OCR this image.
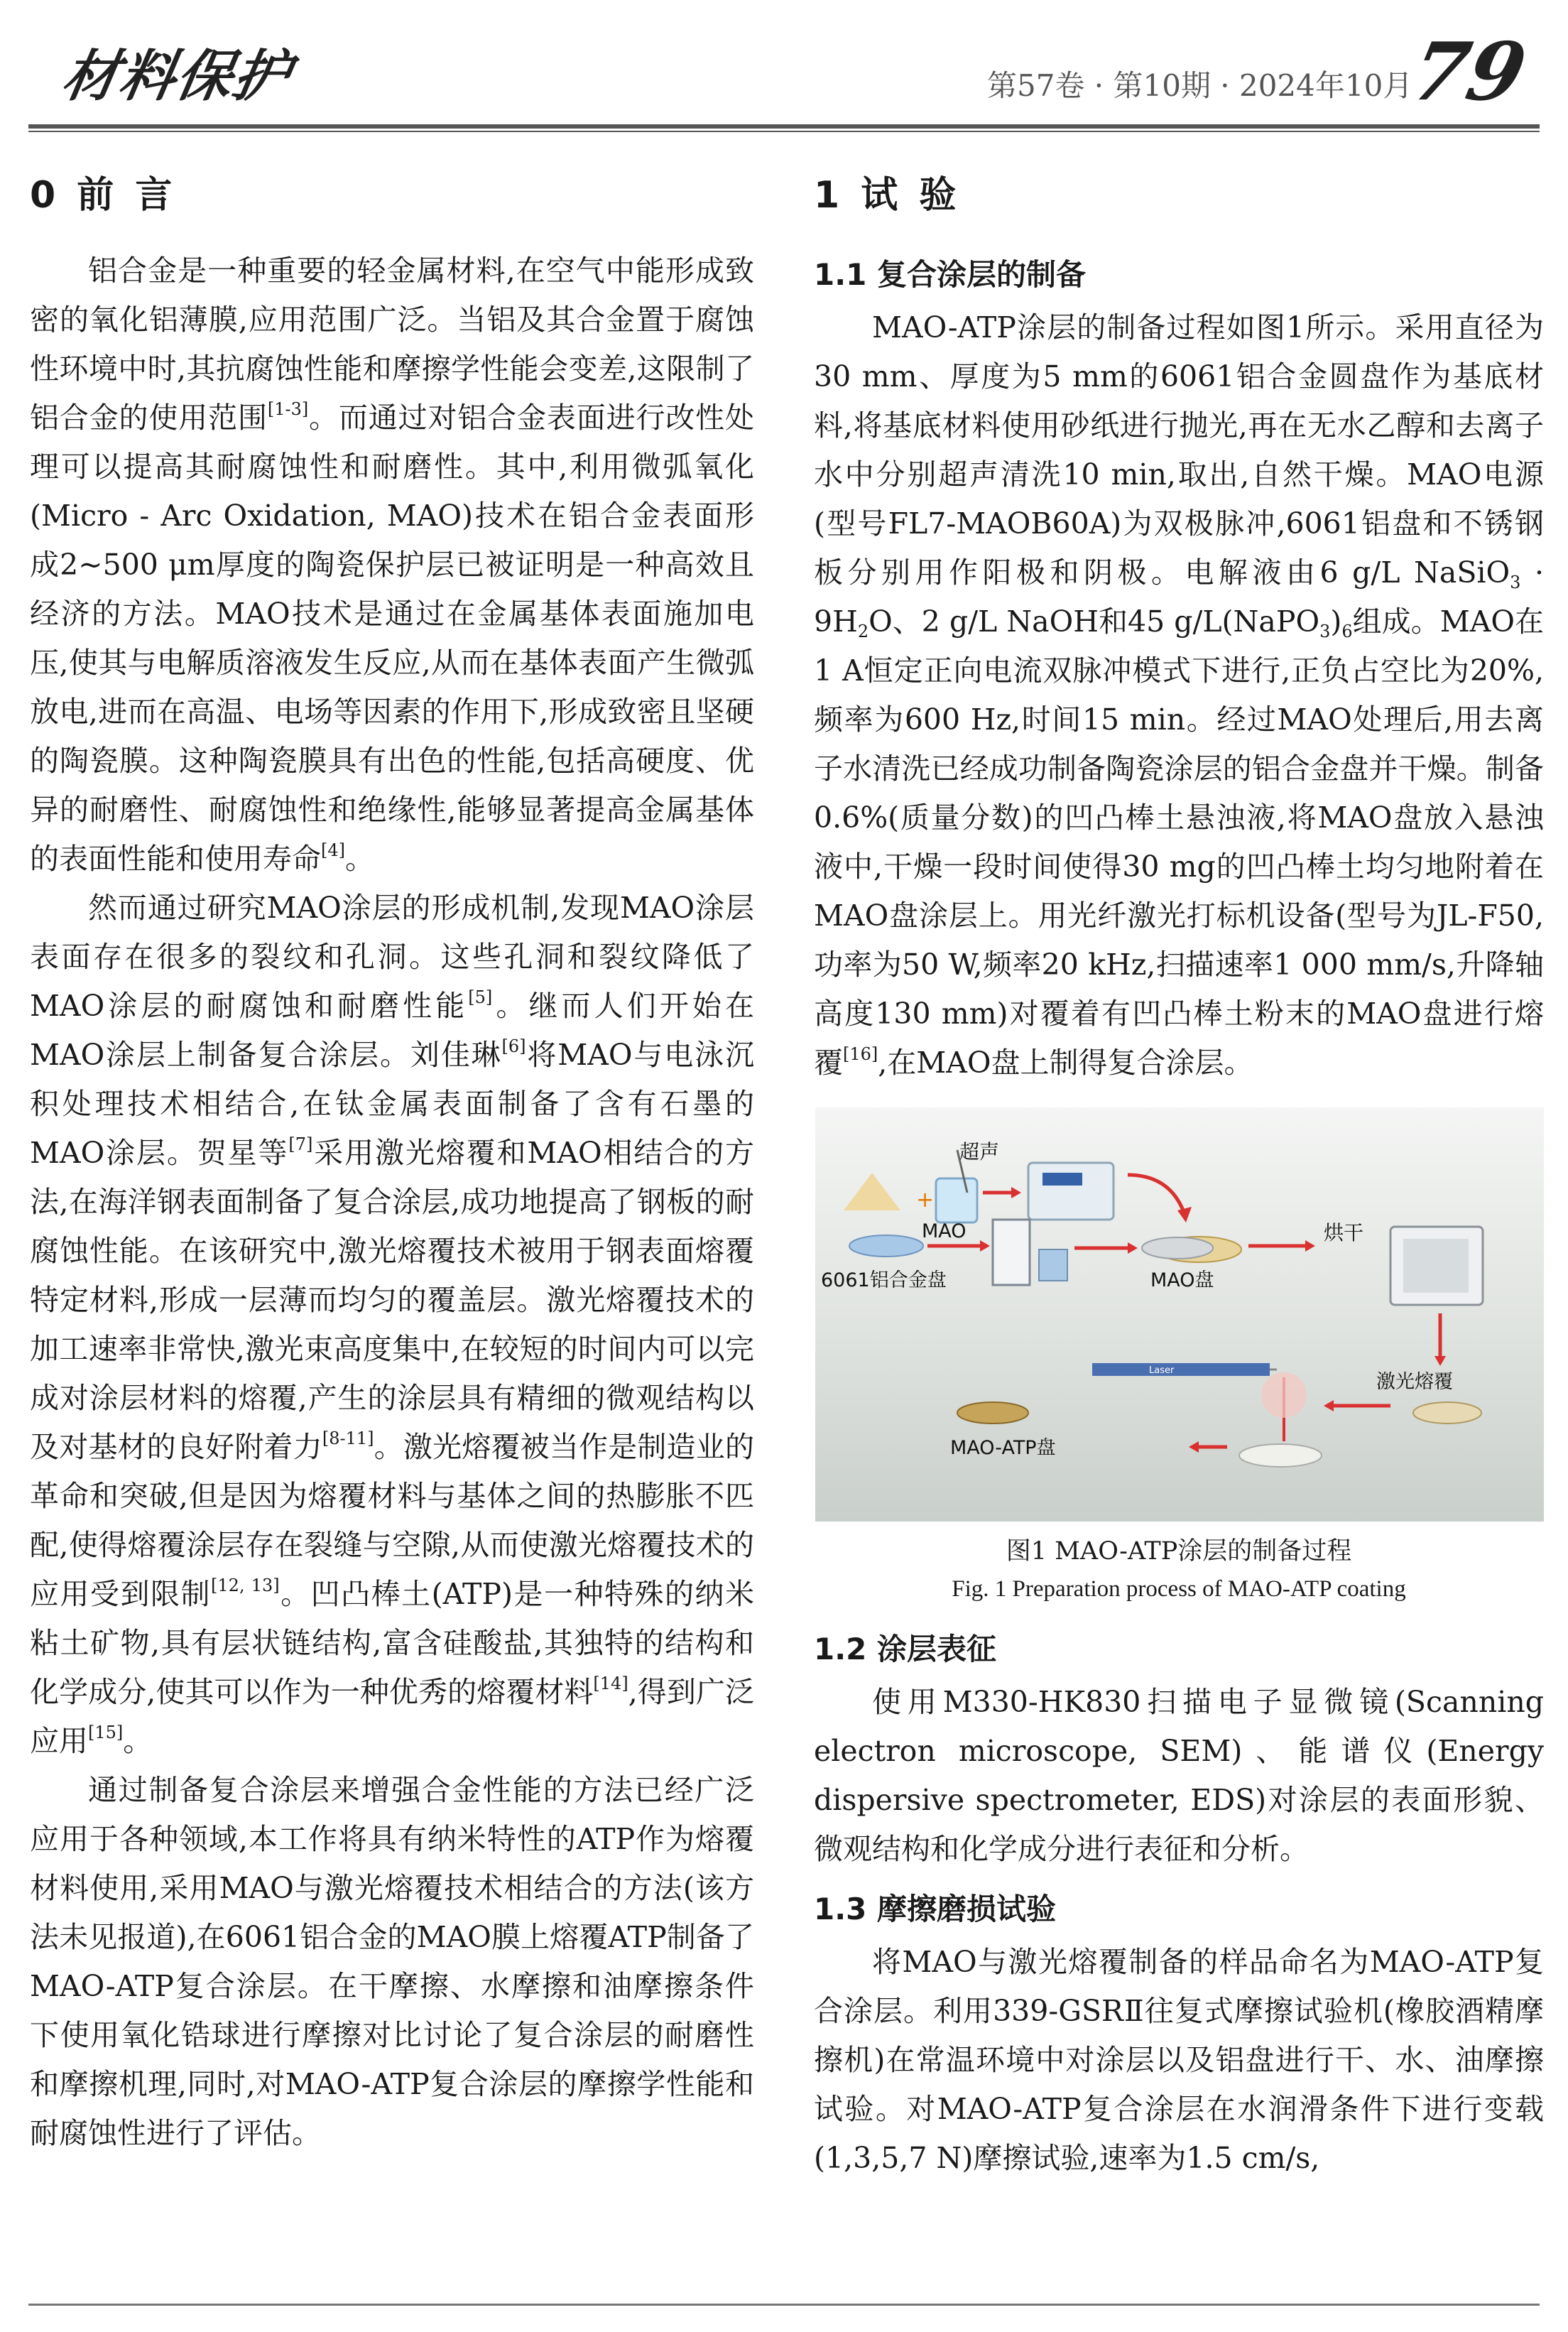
材料保护	第57卷 · 第10期 · 2024年10月
79
0 前 言

铝合金是一种重要的轻金属材料,在空气中能形成致密的氧化铝薄膜,应用范围广泛。当铝及其合金置于腐蚀性环境中时,其抗腐蚀性能和摩擦学性能会变差,这限制了铝合金的使用范围[1-3]。而通过对铝合金表面进行改性处理可以提高其耐腐蚀性和耐磨性。其中,利用微弧氧化(Micro - Arc Oxidation, MAO)技术在铝合金表面形成2~500 μm厚度的陶瓷保护层已被证明是一种高效且经济的方法。MAO技术是通过在金属基体表面施加电压,使其与电解质溶液发生反应,从而在基体表面产生微弧放电,进而在高温、电场等因素的作用下,形成致密且坚硬的陶瓷膜。这种陶瓷膜具有出色的性能,包括高硬度、优异的耐磨性、耐腐蚀性和绝缘性,能够显著提高金属基体的表面性能和使用寿命[4]。

然而通过研究MAO涂层的形成机制,发现MAO涂层表面存在很多的裂纹和孔洞。这些孔洞和裂纹降低了MAO涂层的耐腐蚀和耐磨性能[5]。继而人们开始在MAO涂层上制备复合涂层。刘佳琳[6]将MAO与电泳沉积处理技术相结合,在钛金属表面制备了含有石墨的MAO涂层。贺星等[7]采用激光熔覆和MAO相结合的方法,在海洋钢表面制备了复合涂层,成功地提高了钢板的耐腐蚀性能。在该研究中,激光熔覆技术被用于钢表面熔覆特定材料,形成一层薄而均匀的覆盖层。激光熔覆技术的加工速率非常快,激光束高度集中,在较短的时间内可以完成对涂层材料的熔覆,产生的涂层具有精细的微观结构以及对基材的良好附着力[8-11]。激光熔覆被当作是制造业的革命和突破,但是因为熔覆材料与基体之间的热膨胀不匹配,使得熔覆涂层存在裂缝与空隙,从而使激光熔覆技术的应用受到限制[12, 13]。凹凸棒土(ATP)是一种特殊的纳米粘土矿物,具有层状链结构,富含硅酸盐,其独特的结构和化学成分,使其可以作为一种优秀的熔覆材料[14],得到广泛应用[15]。

通过制备复合涂层来增强合金性能的方法已经广泛应用于各种领域,本工作将具有纳米特性的ATP作为熔覆材料使用,采用MAO与激光熔覆技术相结合的方法(该方法未见报道),在6061铝合金的MAO膜上熔覆ATP制备了MAO-ATP复合涂层。在干摩擦、水摩擦和油摩擦条件下使用氧化锆球进行摩擦对比讨论了复合涂层的耐磨性和摩擦机理,同时,对MAO-ATP复合涂层的摩擦学性能和耐腐蚀性进行了评估。

1 试 验
1.1 复合涂层的制备

MAO-ATP涂层的制备过程如图1所示。采用直径为30 mm、厚度为5 mm的6061铝合金圆盘作为基底材料,将基底材料使用砂纸进行抛光,再在无水乙醇和去离子水中分别超声清洗10 min,取出,自然干燥。MAO电源(型号FL7-MAOB60A)为双极脉冲,6061铝盘和不锈钢板分别用作阳极和阴极。电解液由6 g/L NaSiO$_3$ · $9H_2O$、2 g/L NaOH和45 $g/L(NaPO_3)_6$组成。MAO在1 A恒定正向电流双脉冲模式下进行,正负占空比为20%,频率为600 Hz,时间15 min。经过MAO处理后,用去离子水清洗已经成功制备陶瓷涂层的铝合金盘并干燥。制备0.6%(质量分数)的凹凸棒土悬浊液,将MAO盘放入悬浊液中,干燥一段时间使得30 mg的凹凸棒土均匀地附着在MAO盘涂层上。用光纤激光打标机设备(型号为JL-F50,功率为50 W,频率20 kHz,扫描速率1 000 mm/s,升降轴高度130 mm)对覆着有凹凸棒土粉末的MAO盘进行熔覆[16],在MAO盘上制得复合涂层。

+
超声
烘干
6061铝合金盘
MAO
MAO盘
激光熔覆
Laser
MAO-ATP盘
图1 MAO-ATP涂层的制备过程
Fig. 1 Preparation process of MAO-ATP coating
1.2 涂层表征

使用M330-HK830扫描电子显微镜(Scanning electron microscope, SEM)、能谱仪(Energy dispersive spectrometer, EDS)对涂层的表面形貌、微观结构和化学成分进行表征和分析。

1.3 摩擦磨损试验

将MAO与激光熔覆制备的样品命名为MAO-ATP复合涂层。利用339-GSRⅡ往复式摩擦试验机(橡胶酒精摩擦机)在常温环境中对涂层以及铝盘进行干、水、油摩擦试验。对MAO-ATP复合涂层在水润滑条件下进行变载(1,3,5,7 N)摩擦试验,速率为1.5 cm/s,
